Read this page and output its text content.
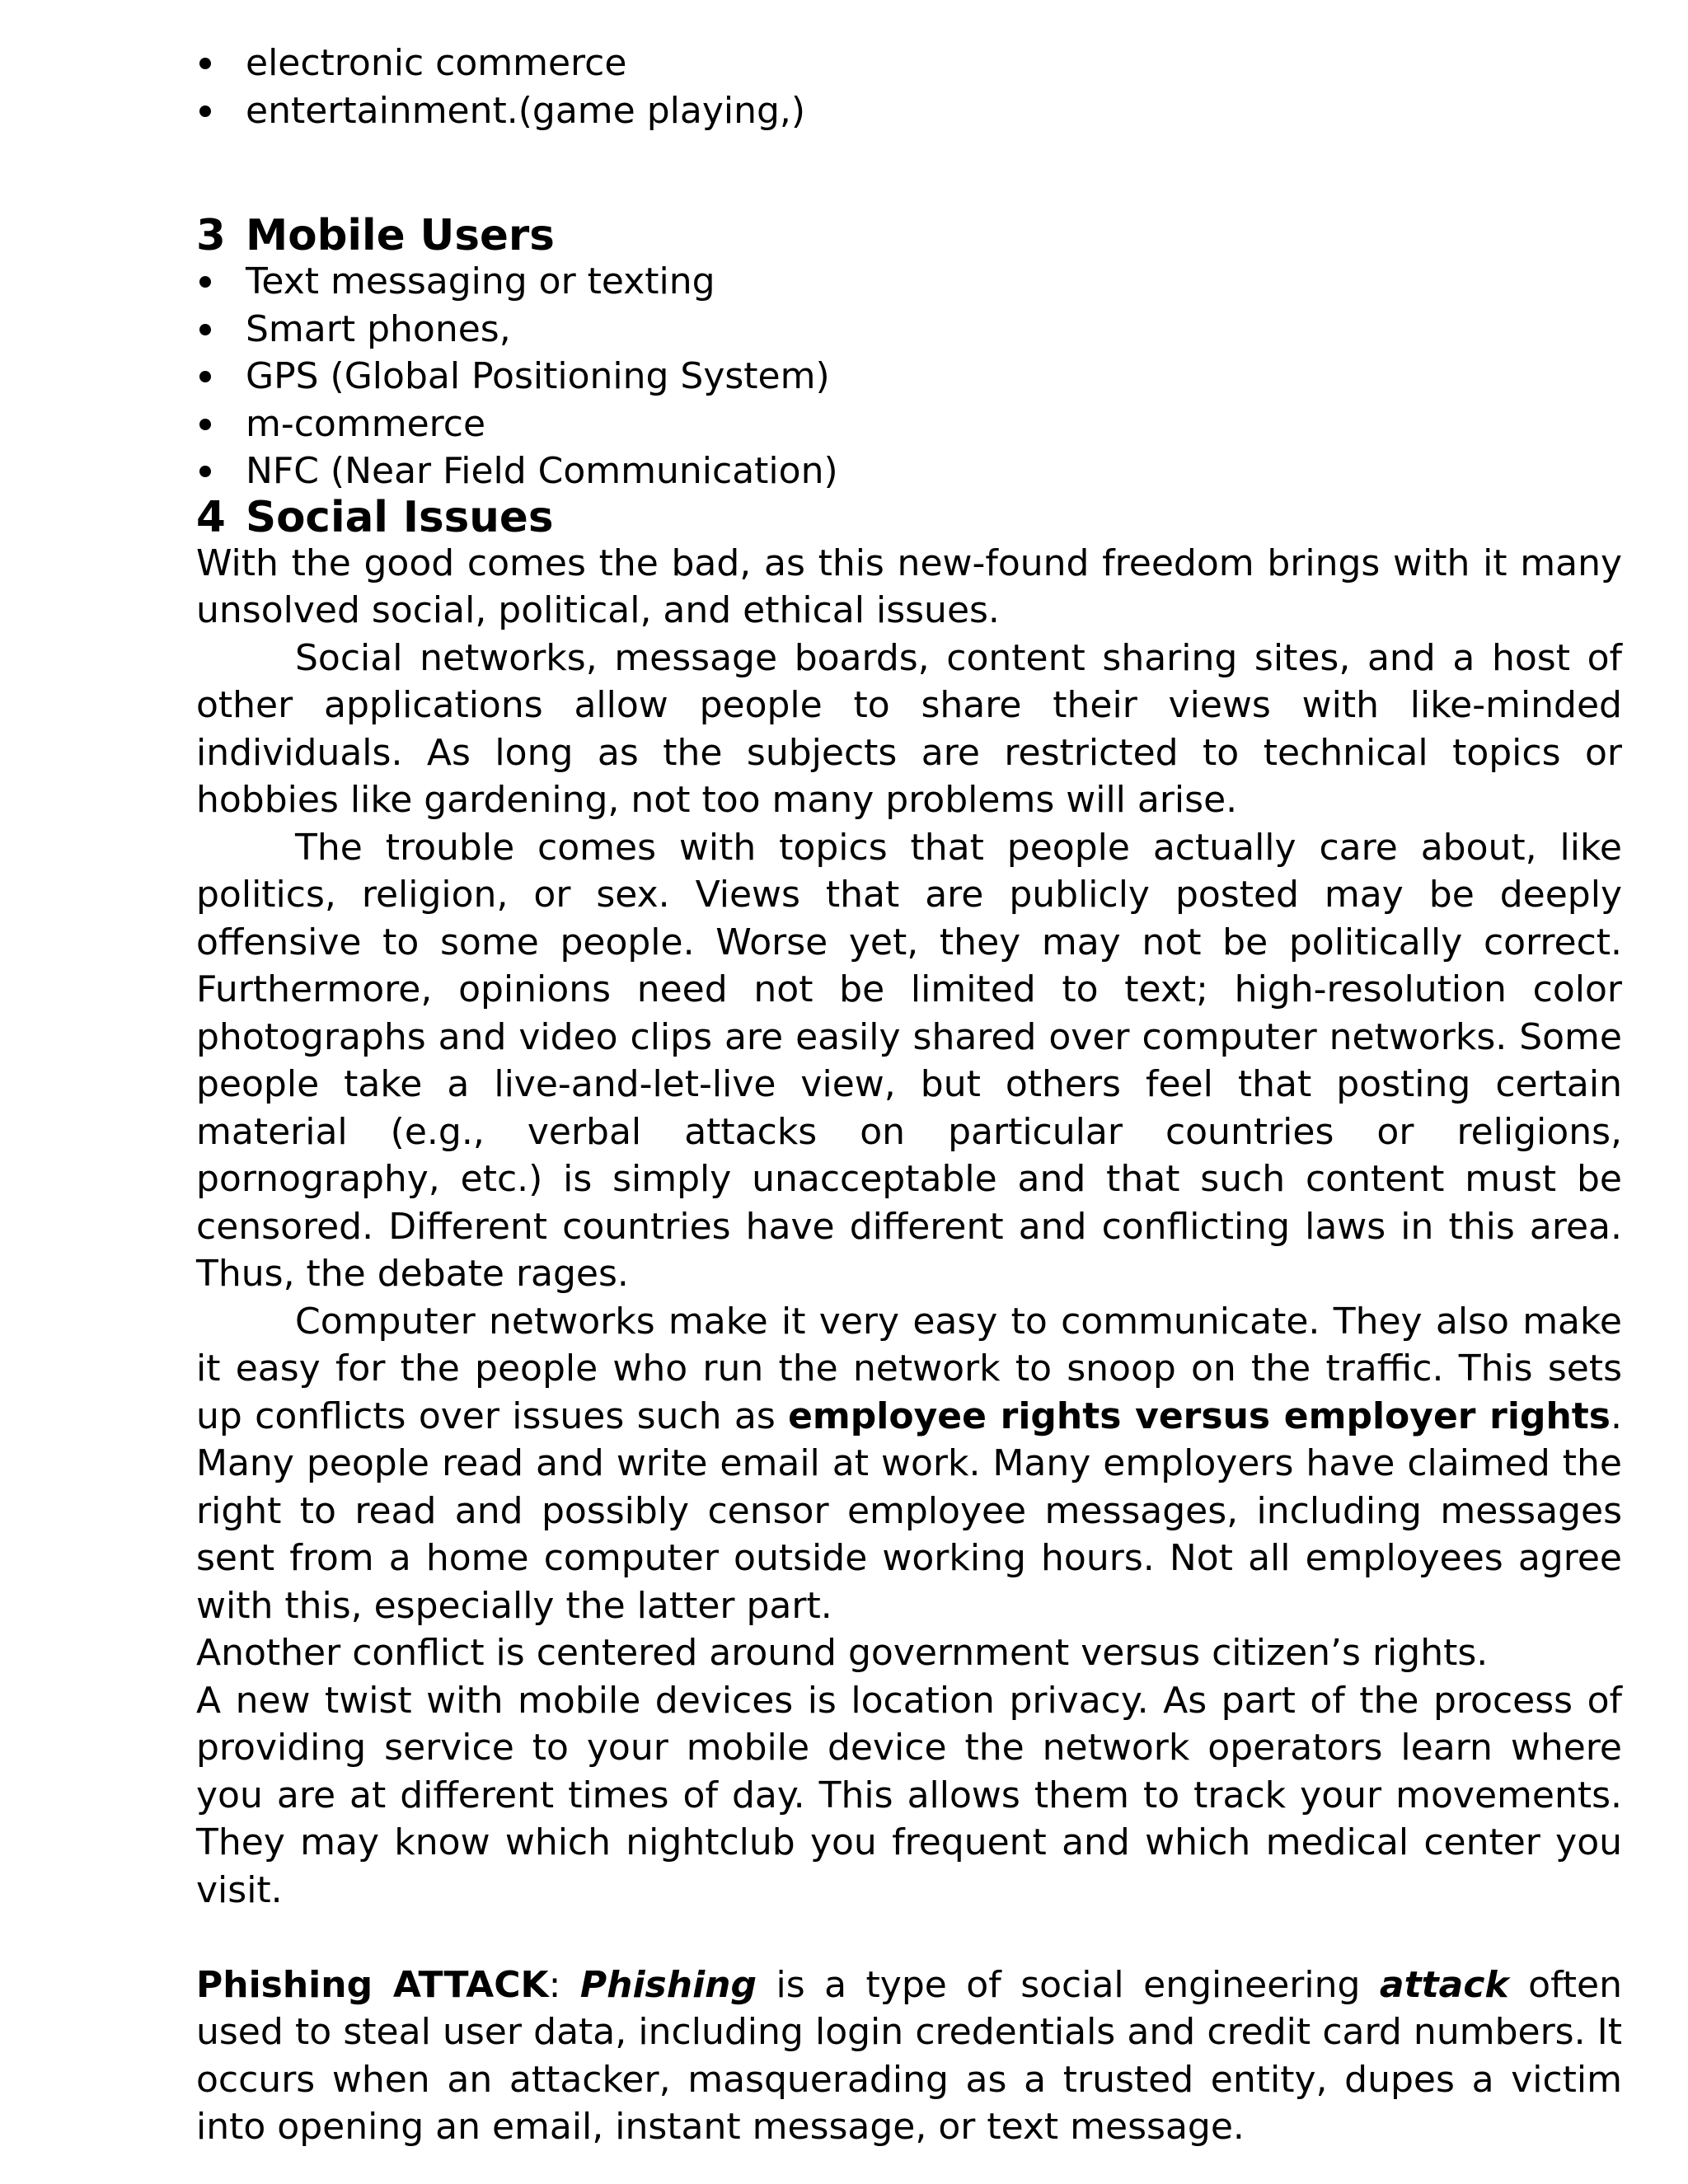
electronic commerce
entertainment.(game playing,)
3 Mobile Users
Text messaging or texting
Smart phones,
GPS (Global Positioning System)
m-commerce
NFC (Near Field Communication)
4 Social Issues

With the good comes the bad, as this new-found freedom brings with it many unsolved social, political, and ethical issues.

Social networks, message boards, content sharing sites, and a host of other applications allow people to share their views with like-minded individuals. As long as the subjects are restricted to technical topics or hobbies like gardening, not too many problems will arise.

The trouble comes with topics that people actually care about, like politics, religion, or sex. Views that are publicly posted may be deeply offensive to some people. Worse yet, they may not be politically correct. Furthermore, opinions need not be limited to text; high-resolution color photographs and video clips are easily shared over computer networks. Some people take a live-and-let-live view, but others feel that posting certain material (e.g., verbal attacks on particular countries or religions, pornography, etc.) is simply unacceptable and that such content must be censored. Different countries have different and conflicting laws in this area. Thus, the debate rages.

Computer networks make it very easy to communicate. They also make it easy for the people who run the network to snoop on the traffic. This sets up conflicts over issues such as employee rights versus employer rights. Many people read and write email at work. Many employers have claimed the right to read and possibly censor employee messages, including messages sent from a home computer outside working hours. Not all employees agree with this, especially the latter part.

Another conflict is centered around government versus citizen’s rights.

A new twist with mobile devices is location privacy. As part of the process of providing service to your mobile device the network operators learn where you are at different times of day. This allows them to track your movements. They may know which nightclub you frequent and which medical center you visit.

Phishing ATTACK: Phishing is a type of social engineering attack often used to steal user data, including login credentials and credit card numbers. It occurs when an attacker, masquerading as a trusted entity, dupes a victim into opening an email, instant message, or text message.
